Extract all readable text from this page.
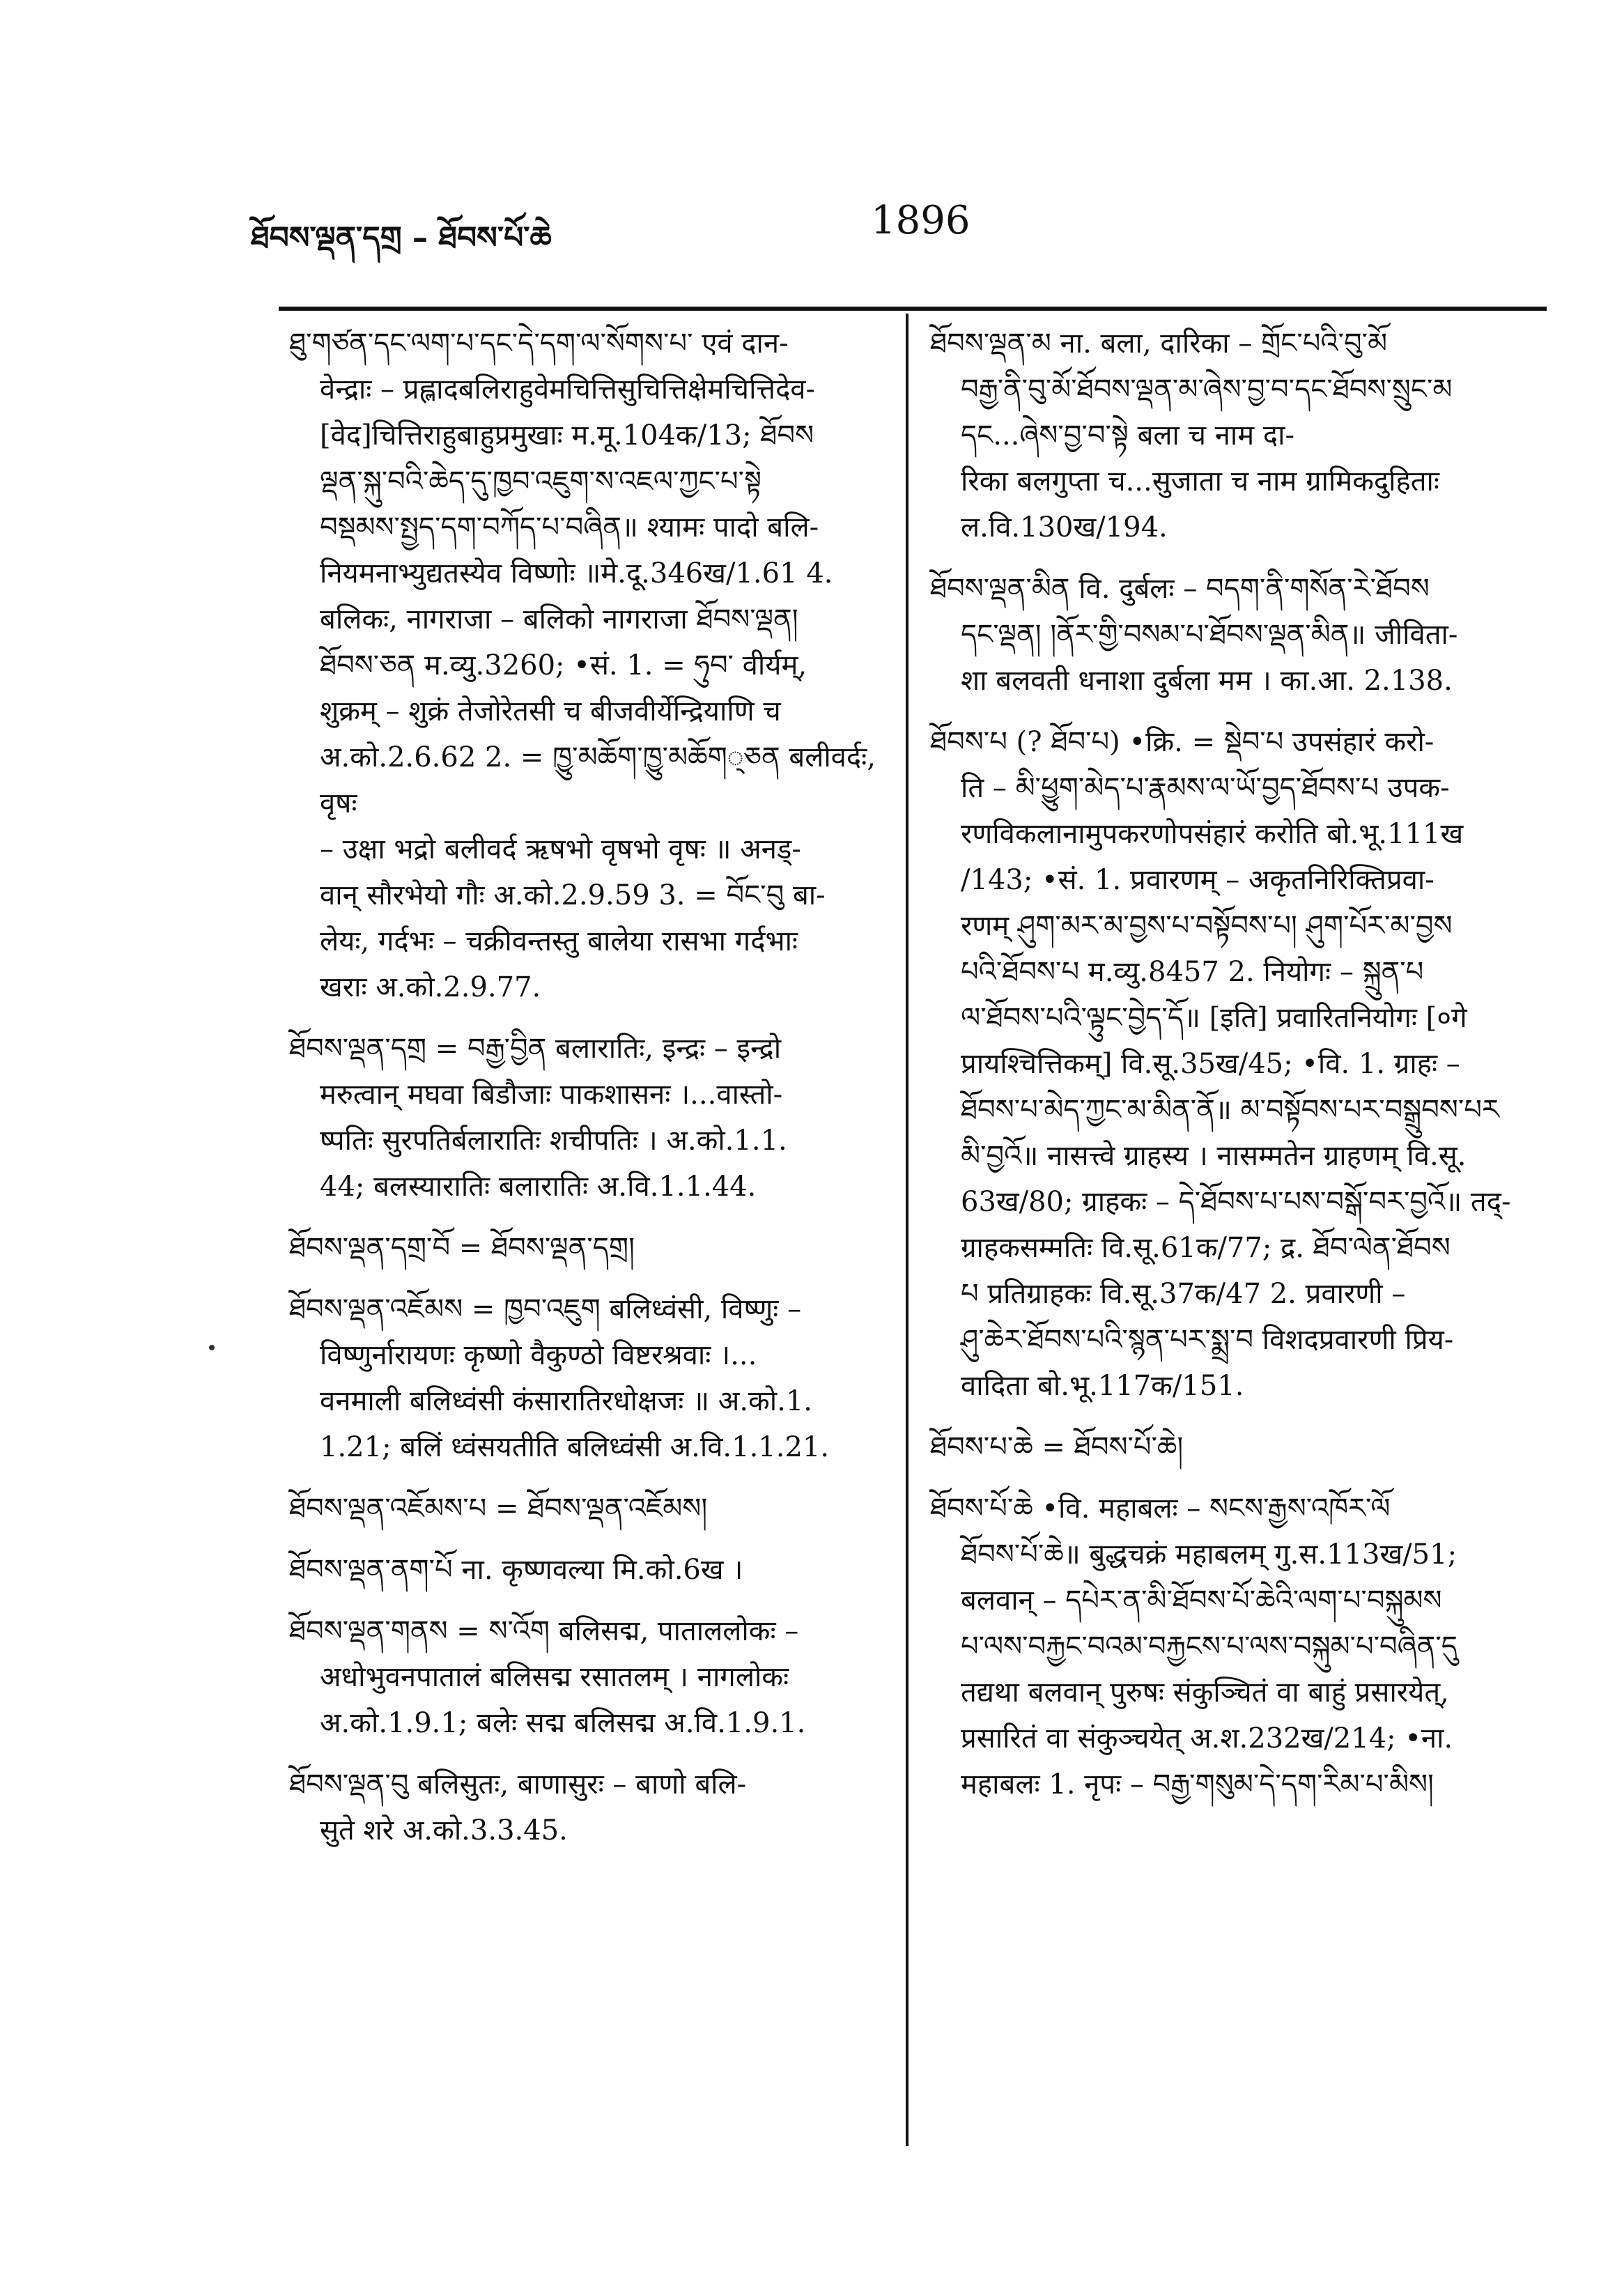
ཐོབས་ལྡན་དགྲ – ཐོབས་པོ་ཆེ	1896
ཐུ་གཙན་དང་ལག་པ་དང་དེ་དག་ལ་སོགས་པ་ एवं दान-
वेन्द्राः – प्रह्लादबलिराहुवेमचित्तिसुचित्तिक्षेमचित्तिदेव-
[वेद]चित्तिराहुबाहुप्रमुखाः म.मू.104क/13; ཐོབས
ལྡན་སྐུ་བའི་ཆེད་དུ་ཁྱབ་འཇུག་ས་འཇལ་ཀྱང་པ་སྟེ
བསྡམས་སྤྱད་དག་བཀོད་པ་བཞིན॥ श्यामः पादो बलि-
नियमनाभ्युद्यतस्येव विष्णोः ॥मे.दू.346ख/1.61 4.
बलिकः, नागराजा – बलिको नागराजा ཐོབས་ལྡན།
ཐོབས་ཅན म.व्यु.3260; •सं. 1. = ཧུབ་ वीर्यम्,
शुक्रम् – शुक्रं तेजोरेतसी च बीजवीर्येन्द्रियाणि च
अ.को.2.6.62 2. = ཁྱུ་མཆོག་ཁྱུ་མཆོག्ཅན बलीवर्दः, वृषः
– उक्षा भद्रो बलीवर्द ऋषभो वृषभो वृषः ॥ अनड्-
वान् सौरभेयो गौः अ.को.2.9.59 3. = བོང་བུ बा-
लेयः, गर्दभः – चक्रीवन्तस्तु बालेया रासभा गर्दभाः
खराः अ.को.2.9.77.
ཐོབས་ལྡན་དགྲ = བརྒྱ་བྱིན बलारातिः, इन्द्रः – इन्द्रो
मरुत्वान् मघवा बिडौजाः पाकशासनः ।...वास्तो-
ष्पतिः सुरपतिर्बलारातिः शचीपतिः । अ.को.1.1.
44; बलस्यारातिः बलारातिः अ.वि.1.1.44.
ཐོབས་ལྡན་དགྲ་བོ = ཐོབས་ལྡན་དགྲ།
ཐོབས་ལྡན་འཇོམས = ཁྱབ་འཇུག बलिध्वंसी, विष्णुः –
विष्णुर्नारायणः कृष्णो वैकुण्ठो विष्टरश्रवाः ।...
वनमाली बलिध्वंसी कंसारातिरधोक्षजः ॥ अ.को.1.
1.21; बलिं ध्वंसयतीति बलिध्वंसी अ.वि.1.1.21.
ཐོབས་ལྡན་འཇོམས་པ = ཐོབས་ལྡན་འཇོམས།
ཐོབས་ལྡན་ནག་པོ ना. कृष्णवल्या मि.को.6ख ।
ཐོབས་ལྡན་གནས = ས་འོག बलिसद्म, पाताललोकः –
अधोभुवनपातालं बलिसद्म रसातलम् । नागलोकः
अ.को.1.9.1; बलेः सद्म बलिसद्म अ.वि.1.9.1.
ཐོབས་ལྡན་བུ बलिसुतः, बाणासुरः – बाणो बलि-
सुते शरे अ.को.3.3.45.
ཐོབས་ལྡན་མ ना. बला, दारिका – གྲོང་པའི་བུ་མོ
བརྒྱ་ནི་བུ་མོ་ཐོབས་ལྡན་མ་ཞེས་བྱ་བ་དང་ཐོབས་སྲུང་མ
དང...ཞེས་བྱ་བ་སྟེ बला च नाम दा-
रिका बलगुप्ता च...सुजाता च नाम ग्रामिकदुहिताः
ल.वि.130ख/194.
ཐོབས་ལྡན་མིན वि. दुर्बलः – བདག་ནི་གསོན་རེ་ཐོབས
དང་ལྡན། །ནོར་གྱི་བསམ་པ་ཐོབས་ལྡན་མིན॥ जीविता-
शा बलवती धनाशा दुर्बला मम । का.आ. 2.138.
ཐོབས་པ (? ཐོབ་པ) •क्रि. = སྡེབ་པ उपसंहारं करो-
ति – མི་ཕྱུག་མེད་པ་རྣམས་ལ་ཡོ་བྱད་ཐོབས་པ उपक-
रणविकलानामुपकरणोपसंहारं करोति बो.भू.111ख
/143; •सं. 1. प्रवारणम् – अकृतनिरिक्तिप्रवा-
रणम् ཤུག་མར་མ་བྱས་པ་བསྟོབས་པ། ཤུག་པོར་མ་བྱས
པའི་ཐོབས་པ म.व्यु.8457 2. नियोगः – སྐྲུན་པ
ལ་ཐོབས་པའི་ལྟུང་བྱེད་དོ॥ [इति] प्रवारितनियोगः [०गे
प्रायश्चित्तिकम्] वि.सू.35ख/45; •वि. 1. ग्राहः –
ཐོབས་པ་མེད་ཀྱང་མ་མིན་ནོ॥ མ་བསྟོབས་པར་བསྒྲུབས་པར
མི་བྱའོ॥ नासत्त्वे ग्राहस्य । नासम्मतेन ग्राहणम् वि.सू.
63ख/80; ग्राहकः – དེ་ཐོབས་པ་པས་བསྒོ་བར་བྱའོ॥ तद्-
ग्राहकसम्मतिः वि.सू.61क/77; द्र. ཐོབ་ལེན་ཐོབས
པ प्रतिग्राहकः वि.सू.37क/47 2. प्रवारणी –
ཤུ་ཆེར་ཐོབས་པའི་སྙན་པར་སྨྲ་བ विशदप्रवारणी प्रिय-
वादिता बो.भू.117क/151.
ཐོབས་པ་ཆེ = ཐོབས་པོ་ཆེ།
ཐོབས་པོ་ཆེ •वि. महाबलः – སངས་རྒྱས་འཁོར་ལོ
ཐོབས་པོ་ཆེ॥ बुद्धचक्रं महाबलम् गु.स.113ख/51;
बलवान् – དཔེར་ན་མི་ཐོབས་པོ་ཆེའི་ལག་པ་བསྐུམས
པ་ལས་བརྐྱང་བའམ་བརྐྱངས་པ་ལས་བསྐུམ་པ་བཞིན་དུ
तद्यथा बलवान् पुरुषः संकुञ्चितं वा बाहुं प्रसारयेत्,
प्रसारितं वा संकुञ्चयेत् अ.श.232ख/214; •ना.
महाबलः 1. नृपः – བརྒྱ་གསུམ་དེ་དག་རིམ་པ་མིས།
